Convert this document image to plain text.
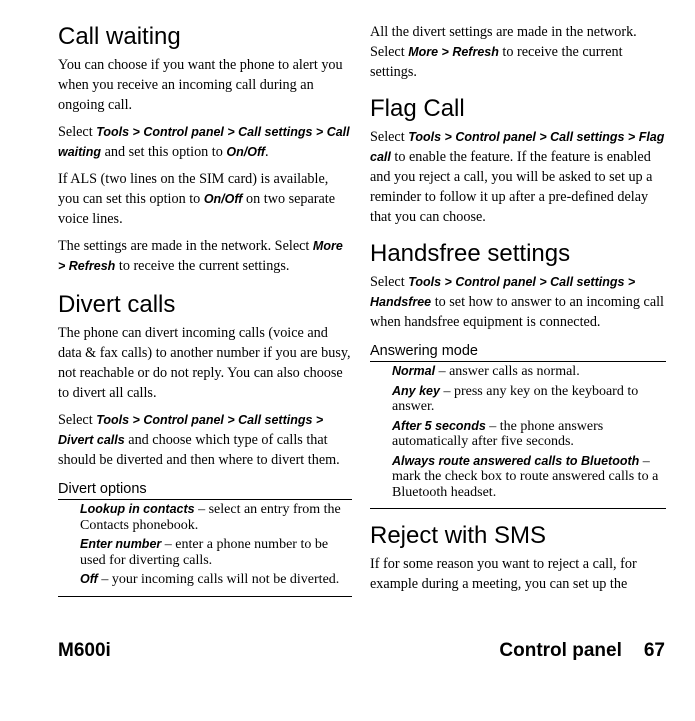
Call waiting

You can choose if you want the phone to alert you when you receive an incoming call during an ongoing call.

Select Tools > Control panel > Call settings > Call waiting and set this option to On/Off.

If ALS (two lines on the SIM card) is available, you can set this option to On/Off on two separate voice lines.

The settings are made in the network. Select More > Refresh to receive the current settings.

Divert calls

The phone can divert incoming calls (voice and data & fax calls) to another number if you are busy, not reachable or do not reply. You can also choose to divert all calls.

Select Tools > Control panel > Call settings > Divert calls and choose which type of calls that should be diverted and then where to divert them.

Divert options
Lookup in contacts – select an entry from the Contacts phonebook.
Enter number – enter a phone number to be used for diverting calls.
Off – your incoming calls will not be diverted.

All the divert settings are made in the network. Select More > Refresh to receive the current settings.

Flag Call

Select Tools > Control panel > Call settings > Flag call to enable the feature. If the feature is enabled and you reject a call, you will be asked to set up a reminder to follow it up after a pre-defined delay that you can choose.

Handsfree settings

Select Tools > Control panel > Call settings > Handsfree to set how to answer to an incoming call when handsfree equipment is connected.

Answering mode
Normal – answer calls as normal.
Any key – press any key on the keyboard to answer.
After 5 seconds – the phone answers automatically after five seconds.
Always route answered calls to Bluetooth – mark the check box to route answered calls to a Bluetooth headset.
Reject with SMS

If for some reason you want to reject a call, for example during a meeting, you can set up the

M600i	Control panel 67
